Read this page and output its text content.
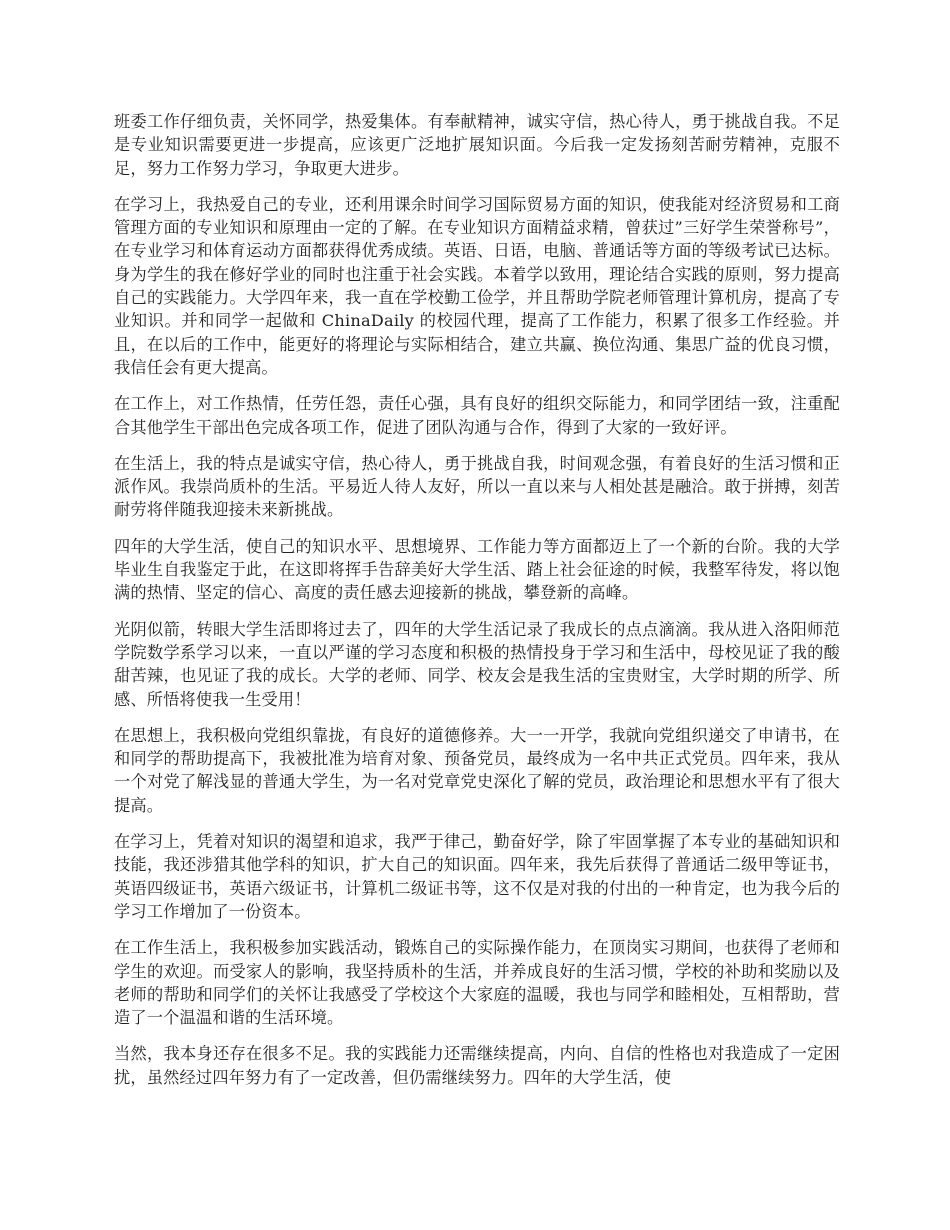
班委工作仔细负责，关怀同学，热爱集体。有奉献精神，诚实守信，热心待人，勇于挑战自我。不足是专业知识需要更进一步提高，应该更广泛地扩展知识面。今后我一定发扬刻苦耐劳精神，克服不足，努力工作努力学习，争取更大进步。

在学习上，我热爱自己的专业，还利用课余时间学习国际贸易方面的知识，使我能对经济贸易和工商管理方面的专业知识和原理由一定的了解。在专业知识方面精益求精，曾获过”三好学生荣誉称号”，在专业学习和体育运动方面都获得优秀成绩。英语、日语，电脑、普通话等方面的等级考试已达标。身为学生的我在修好学业的同时也注重于社会实践。本着学以致用，理论结合实践的原则，努力提高自己的实践能力。大学四年来，我一直在学校勤工俭学，并且帮助学院老师管理计算机房，提高了专业知识。并和同学一起做和 ChinaDaily 的校园代理，提高了工作能力，积累了很多工作经验。并且，在以后的工作中，能更好的将理论与实际相结合，建立共赢、换位沟通、集思广益的优良习惯，我信任会有更大提高。

在工作上，对工作热情，任劳任怨，责任心强，具有良好的组织交际能力，和同学团结一致，注重配合其他学生干部出色完成各项工作，促进了团队沟通与合作，得到了大家的一致好评。

在生活上，我的特点是诚实守信，热心待人，勇于挑战自我，时间观念强，有着良好的生活习惯和正派作风。我崇尚质朴的生活。平易近人待人友好，所以一直以来与人相处甚是融洽。敢于拼搏，刻苦耐劳将伴随我迎接未来新挑战。

四年的大学生活，使自己的知识水平、思想境界、工作能力等方面都迈上了一个新的台阶。我的大学毕业生自我鉴定于此，在这即将挥手告辞美好大学生活、踏上社会征途的时候，我整军待发，将以饱满的热情、坚定的信心、高度的责任感去迎接新的挑战，攀登新的高峰。

光阴似箭，转眼大学生活即将过去了，四年的大学生活记录了我成长的点点滴滴。我从进入洛阳师范学院数学系学习以来，一直以严谨的学习态度和积极的热情投身于学习和生活中，母校见证了我的酸甜苦辣，也见证了我的成长。大学的老师、同学、校友会是我生活的宝贵财宝，大学时期的所学、所感、所悟将使我一生受用！

在思想上，我积极向党组织靠拢，有良好的道德修养。大一一开学，我就向党组织递交了申请书，在和同学的帮助提高下，我被批准为培育对象、预备党员，最终成为一名中共正式党员。四年来，我从一个对党了解浅显的普通大学生，为一名对党章党史深化了解的党员，政治理论和思想水平有了很大提高。

在学习上，凭着对知识的渴望和追求，我严于律己，勤奋好学，除了牢固掌握了本专业的基础知识和技能，我还涉猎其他学科的知识，扩大自己的知识面。四年来，我先后获得了普通话二级甲等证书，英语四级证书，英语六级证书，计算机二级证书等，这不仅是对我的付出的一种肯定，也为我今后的学习工作增加了一份资本。

在工作生活上，我积极参加实践活动，锻炼自己的实际操作能力，在顶岗实习期间，也获得了老师和学生的欢迎。而受家人的影响，我坚持质朴的生活，并养成良好的生活习惯，学校的补助和奖励以及老师的帮助和同学们的关怀让我感受了学校这个大家庭的温暖，我也与同学和睦相处，互相帮助，营造了一个温温和谐的生活环境。

当然，我本身还存在很多不足。我的实践能力还需继续提高，内向、自信的性格也对我造成了一定困扰，虽然经过四年努力有了一定改善，但仍需继续努力。四年的大学生活，使
